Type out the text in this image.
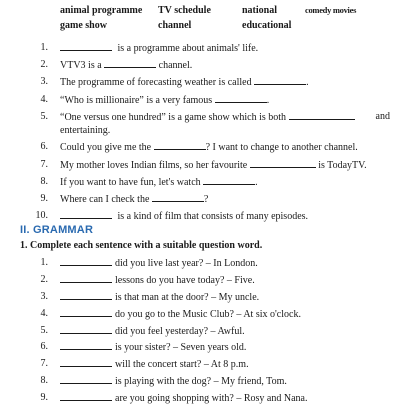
animal programme TV schedule	national	comedy movies
game show	channel	educational
1.	is a programme about animals' life.
2. VTV3 is a	channel.
3. The programme of forecasting weather is called	.
4. “Who is millionaire” is a very famous	.
5. “One versus one hundred” is a game show which is both	and

entertaining.
6. Could you give me the	? I want to change to another channel.
7. My mother loves Indian films, so her favourite	is TodayTV.
8. If you want to have fun, let's watch	.
9. Where can I check the	?
10.	is a kind of film that consists of many episodes.
II. GRAMMAR
1. Complete each sentence with a suitable question word.
1.	did you live last year? – In London.
2.	lessons do you have today? – Five.
3.	is that man at the door? – My uncle.
4.	do you go to the Music Club? – At six o'clock.
5.	did you feel yesterday? – Awful.
6.	is your sister? – Seven years old.
7.	will the concert start? – At 8 p.m.
8.	is playing with the dog? – My friend, Tom.
9.	are you going shopping with? – Rosy and Nana.
